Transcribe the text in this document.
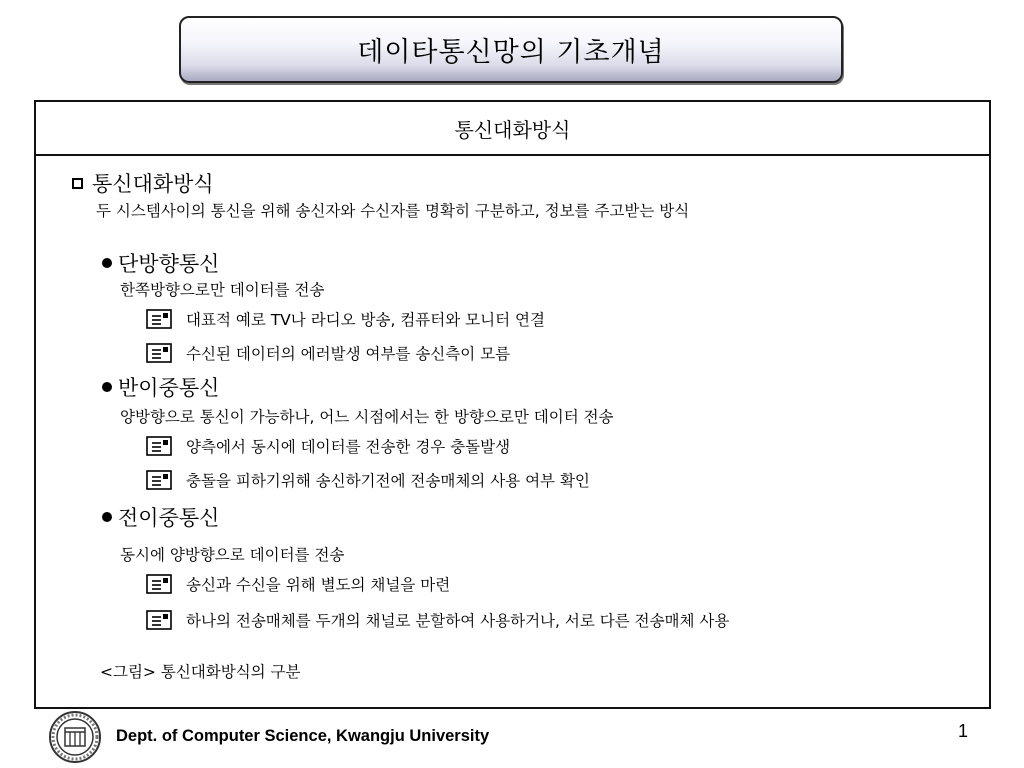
데이타통신망의 기초개념
통신대화방식
통신대화방식
두 시스템사이의 통신을 위해 송신자와 수신자를 명확히 구분하고, 정보를 주고받는 방식
단방향통신
한쪽방향으로만 데이터를 전송
대표적 예로 TV나 라디오 방송, 컴퓨터와 모니터 연결
수신된 데이터의 에러발생 여부를 송신측이 모름
반이중통신
양방향으로 통신이 가능하나, 어느 시점에서는 한 방향으로만 데이터 전송
양측에서 동시에 데이터를 전송한 경우 충돌발생
충돌을 피하기위해 송신하기전에 전송매체의 사용 여부 확인
전이중통신
동시에 양방향으로 데이터를 전송
송신과 수신을 위해 별도의 채널을 마련
하나의 전송매체를 두개의 채널로 분할하여 사용하거나, 서로 다른 전송매체 사용
<그림> 통신대화방식의 구분
Dept. of Computer Science, Kwangju University	1
